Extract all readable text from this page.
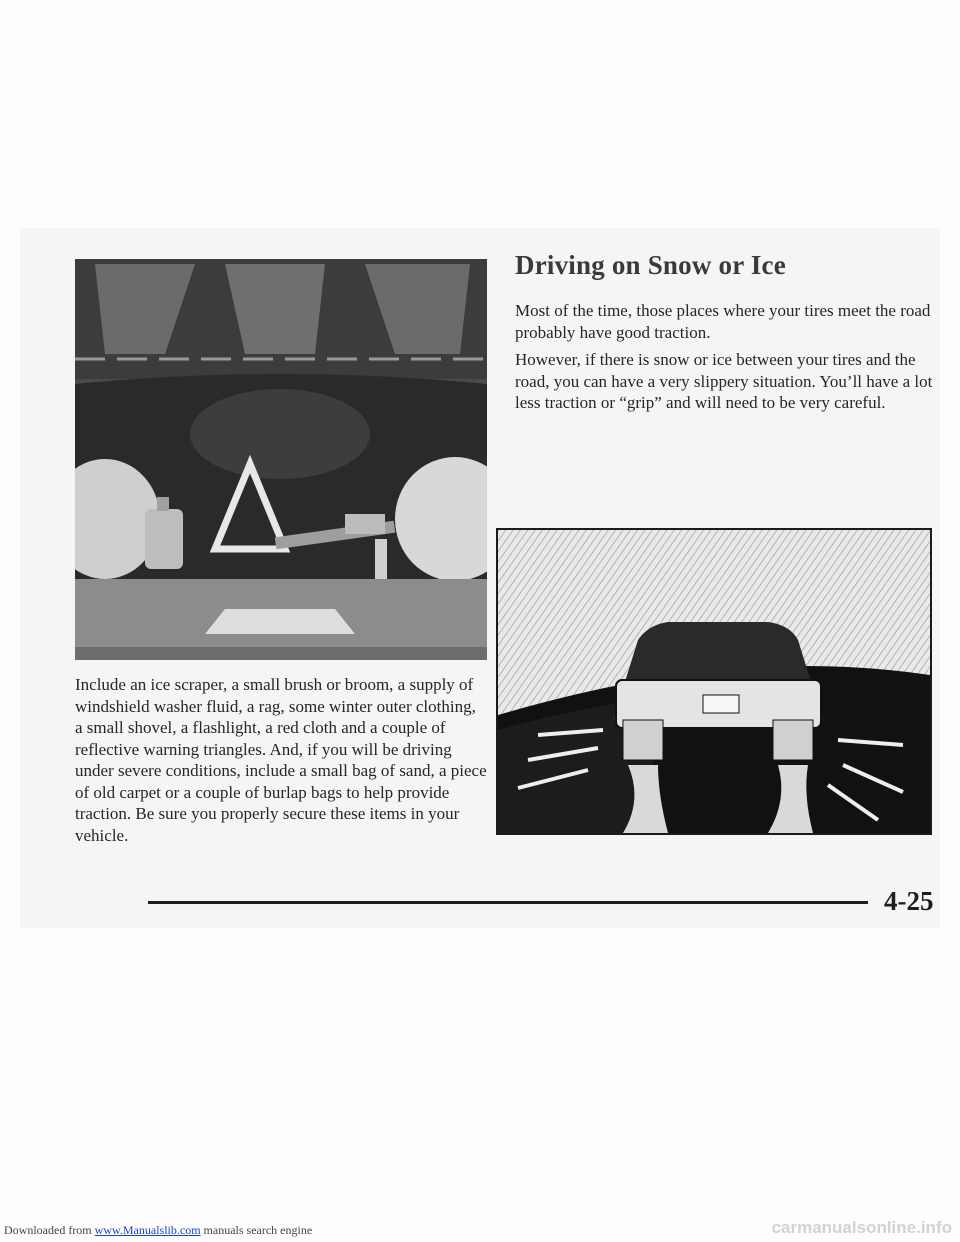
Driving on Snow or Ice

Most of the time, those places where your tires meet the road probably have good traction.

However, if there is snow or ice between your tires and the road, you can have a very slippery situation. You’ll have a lot less traction or “grip” and will need to be very careful.

Include an ice scraper, a small brush or broom, a supply of windshield washer fluid, a rag, some winter outer clothing, a small shovel, a flashlight, a red cloth and a couple of reflective warning triangles. And, if you will be driving under severe conditions, include a small bag of sand, a piece of old carpet or a couple of burlap bags to help provide traction. Be sure you properly secure these items in your vehicle.

4-25
Downloaded from www.Manualslib.com manuals search engine	carmanualsonline.info
